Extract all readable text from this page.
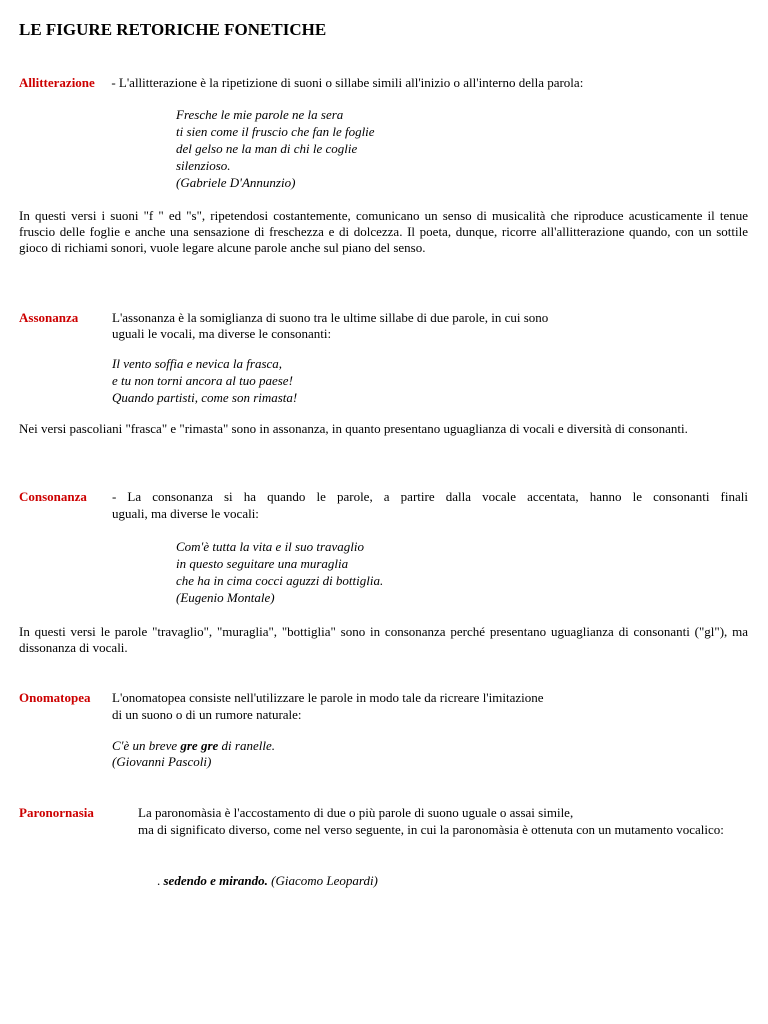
LE FIGURE RETORICHE FONETICHE
Allitterazione - L'allitterazione è la ripetizione di suoni o sillabe simili all'inizio o all'interno della parola:
Fresche le mie parole ne la sera
ti sien come il fruscio che fan le foglie
del gelso ne la man di chi le coglie
silenzioso.
(Gabriele D'Annunzio)
In questi versi i suoni "f " ed "s", ripetendosi costantemente, comunicano un senso di musicalità che riproduce acusticamente il tenue fruscio delle foglie e anche una sensazione di freschezza e di dolcezza. Il poeta, dunque, ricorre all'allitterazione quando, con un sottile gioco di richiami sonori, vuole legare alcune parole anche sul piano del senso.
Assonanza	L'assonanza è la somiglianza di suono tra le ultime sillabe di due parole, in cui sono
uguali le vocali, ma diverse le consonanti:
Il vento soffia e nevica la frasca,
e tu non torni ancora al tuo paese!
Quando partisti, come son rimasta!
Nei versi pascoliani "frasca" e "rimasta" sono in assonanza, in quanto presentano uguaglianza di vocali e diversità di consonanti.
Consonanza - La consonanza si ha quando le parole, a partire dalla vocale accentata, hanno le consonanti finali
uguali, ma diverse le vocali:
Com'è tutta la vita e il suo travaglio
in questo seguitare una muraglia
che ha in cima cocci aguzzi di bottiglia.
(Eugenio Montale)
In questi versi le parole "travaglio", "muraglia", "bottiglia" sono in consonanza perché presentano uguaglianza di consonanti ("gl"), ma dissonanza di vocali.
Onomatopea L'onomatopea consiste nell'utilizzare le parole in modo tale da ricreare l'imitazione
di un suono o di un rumore naturale:
C'è un breve gre gre di ranelle.
(Giovanni Pascoli)
Paronornasia	La paronomàsia è l'accostamento di due o più parole di suono uguale o assai simile,
ma di significato diverso, come nel verso seguente, in cui la paronomàsia è ottenuta con un mutamento vocalico:
. sedendo e mirando. (Giacomo Leopardi)
